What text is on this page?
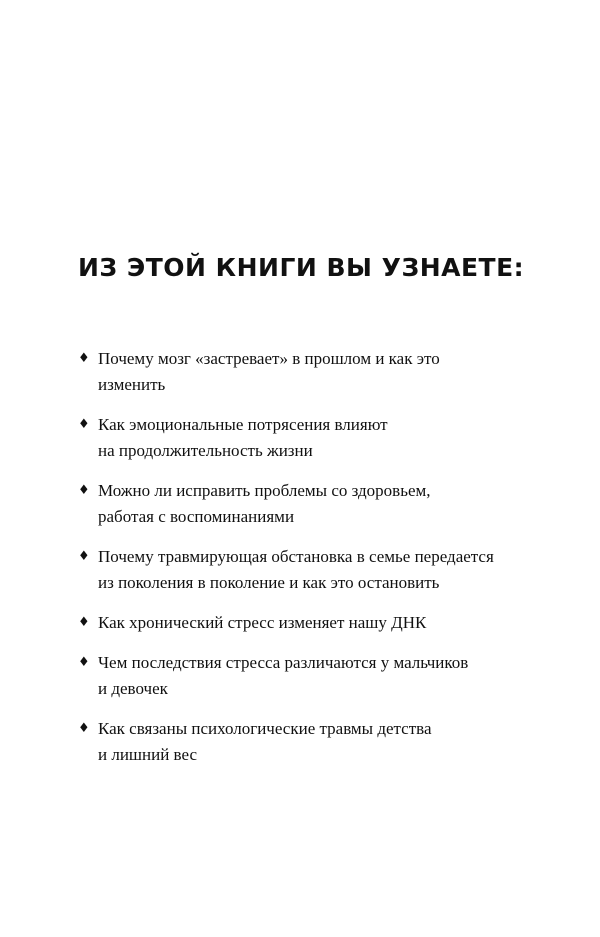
ИЗ ЭТОЙ КНИГИ ВЫ УЗНАЕТЕ:
♦ Почему мозг «застревает» в прошлом и как это
изменить
♦ Как эмоциональные потрясения влияют
на продолжительность жизни
♦ Можно ли исправить проблемы со здоровьем,
работая с воспоминаниями
♦ Почему травмирующая обстановка в семье передается
из поколения в поколение и как это остановить
♦ Как хронический стресс изменяет нашу ДНК
♦ Чем последствия стресса различаются у мальчиков
и девочек
♦ Как связаны психологические травмы детства
и лишний вес
